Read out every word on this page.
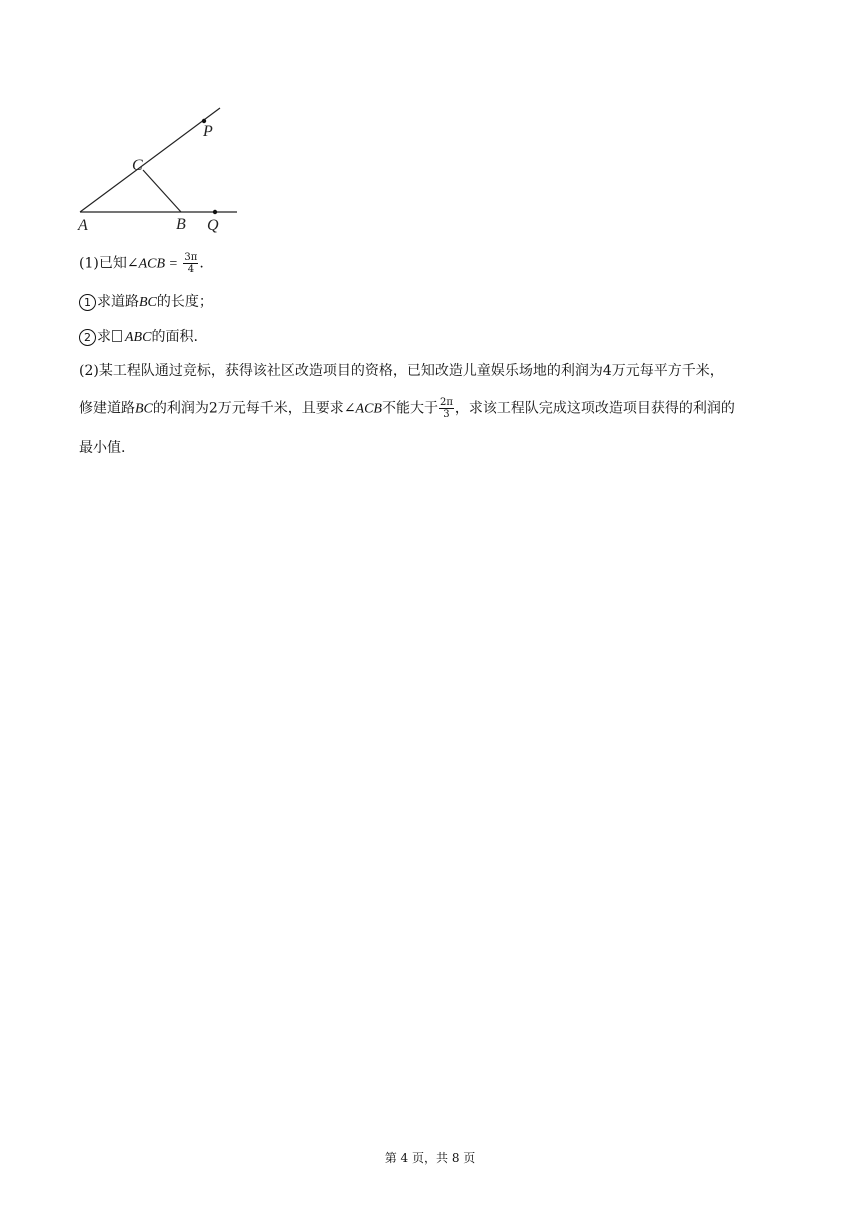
A	B
C
P
Q
(1)已知∠ACB = $\frac{3\pi}{4}$ .
1 求道路BC的长度；
2 求 ABC的面积.
(2)某工程队通过竞标，获得该社区改造项目的资格，已知改造儿童娱乐场地的利润为4万元每平方千米，
修建道路BC的利润为2万元每千米，且要求∠ACB不能大于 $\frac{2\pi}{3}$ ，求该工程队完成这项改造项目获得的利润的
最小值.
第 4 页，共 8 页
